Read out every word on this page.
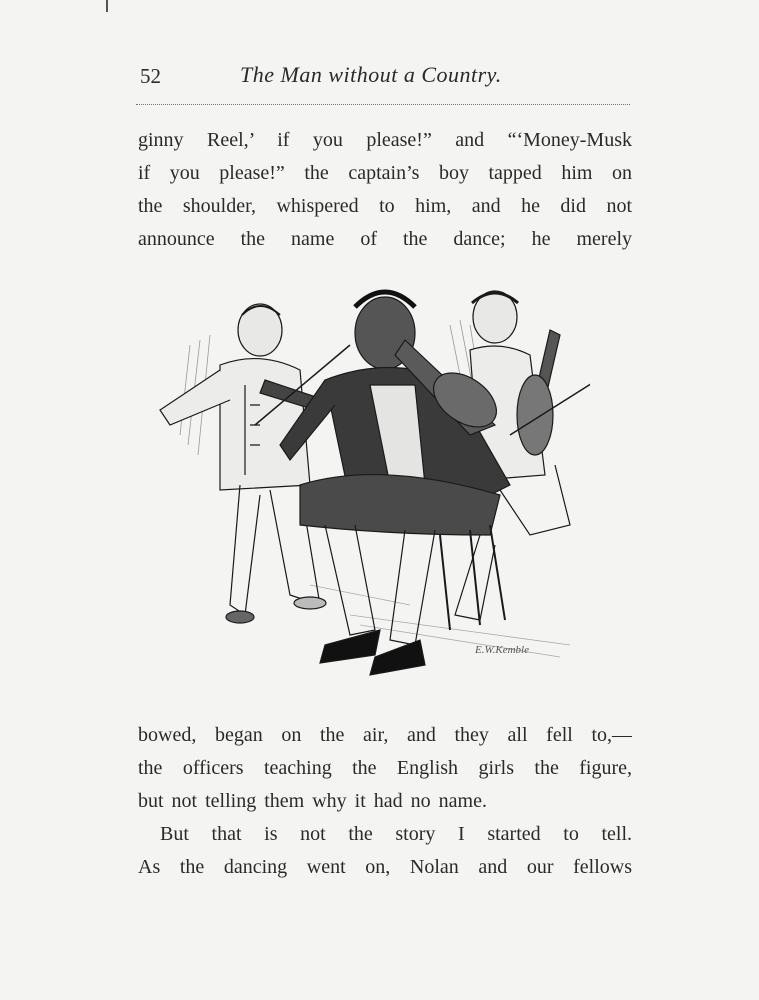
52	The Man without a Country.
ginny Reel,’ if you please!” and “‘Money-Musk
if you please!” the captain’s boy tapped him on
the shoulder, whispered to him, and he did not
announce the name of the dance; he merely
E.W.Kemble
bowed, began on the air, and they all fell to,—
the officers teaching the English girls the figure,
but not telling them why it had no name.
But that is not the story I started to tell.
As the dancing went on, Nolan and our fellows
